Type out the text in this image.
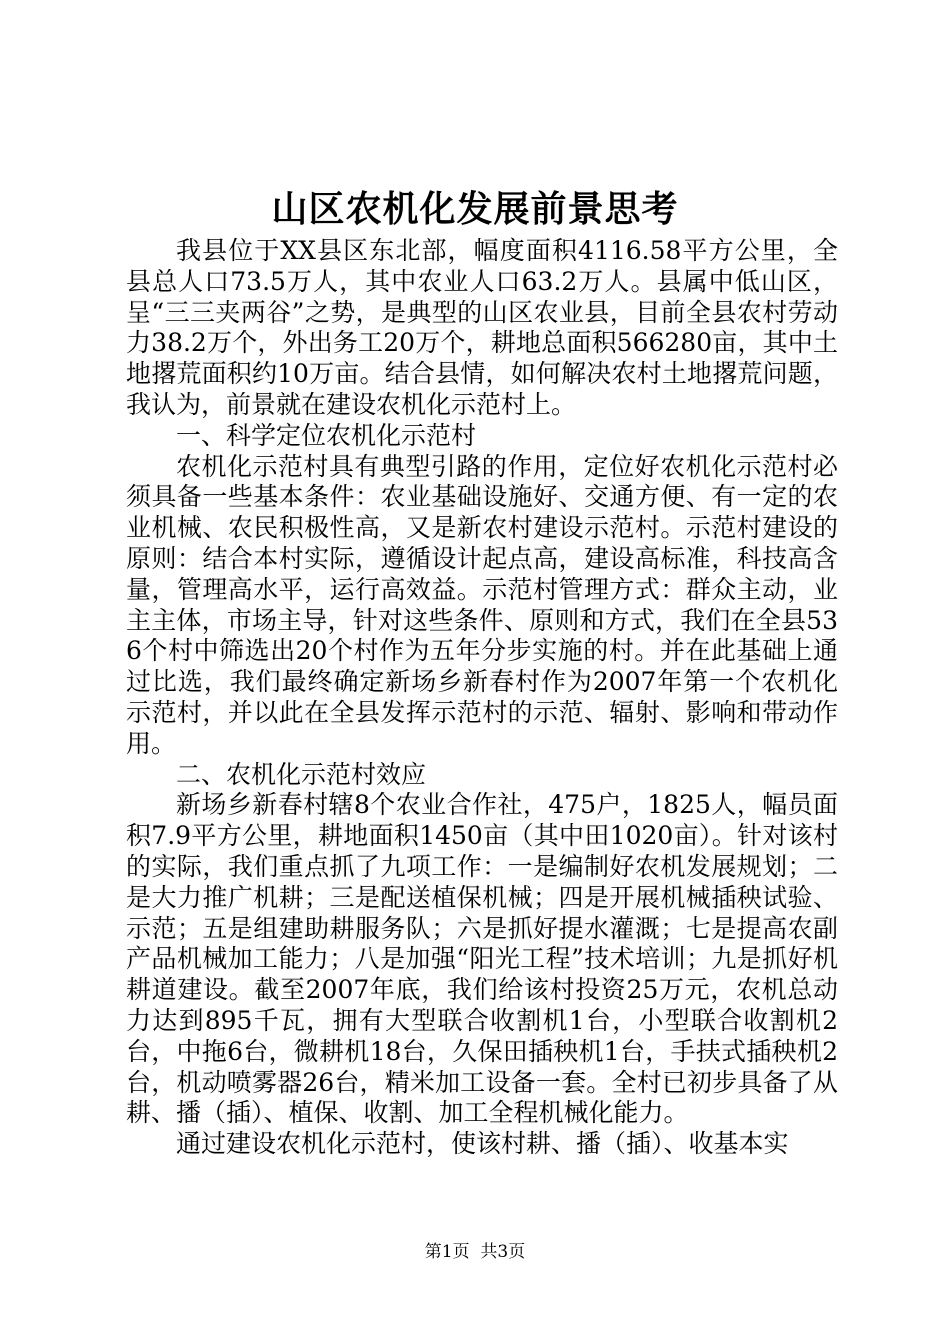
山区农机化发展前景思考

我县位于XX县区东北部，幅度面积4116.58平方公里，全县总人口73.5万人，其中农业人口63.2万人。县属中低山区，呈“三三夹两谷”之势，是典型的山区农业县，目前全县农村劳动力38.2万个，外出务工20万个，耕地总面积566280亩，其中土地撂荒面积约10万亩。结合县情，如何解决农村土地撂荒问题，我认为，前景就在建设农机化示范村上。

一、科学定位农机化示范村

农机化示范村具有典型引路的作用，定位好农机化示范村必须具备一些基本条件：农业基础设施好、交通方便、有一定的农业机械、农民积极性高，又是新农村建设示范村。示范村建设的原则：结合本村实际，遵循设计起点高，建设高标准，科技高含量，管理高水平，运行高效益。示范村管理方式：群众主动，业主主体，市场主导，针对这些条件、原则和方式，我们在全县536个村中筛选出20个村作为五年分步实施的村。并在此基础上通过比选，我们最终确定新场乡新春村作为2007年第一个农机化示范村，并以此在全县发挥示范村的示范、辐射、影响和带动作用。

二、农机化示范村效应

新场乡新春村辖8个农业合作社，475户，1825人，幅员面积7.9平方公里，耕地面积1450亩（其中田1020亩）。针对该村的实际，我们重点抓了九项工作：一是编制好农机发展规划；二是大力推广机耕；三是配送植保机械；四是开展机械插秧试验、示范；五是组建助耕服务队；六是抓好提水灌溉；七是提高农副产品机械加工能力；八是加强“阳光工程”技术培训；九是抓好机耕道建设。截至2007年底，我们给该村投资25万元，农机总动力达到895千瓦，拥有大型联合收割机1台，小型联合收割机2台，中拖6台，微耕机18台，久保田插秧机1台，手扶式插秧机2台，机动喷雾器26台，精米加工设备一套。全村已初步具备了从耕、播（插）、植保、收割、加工全程机械化能力。

通过建设农机化示范村，使该村耕、播（插）、收基本实

第1页 共3页
